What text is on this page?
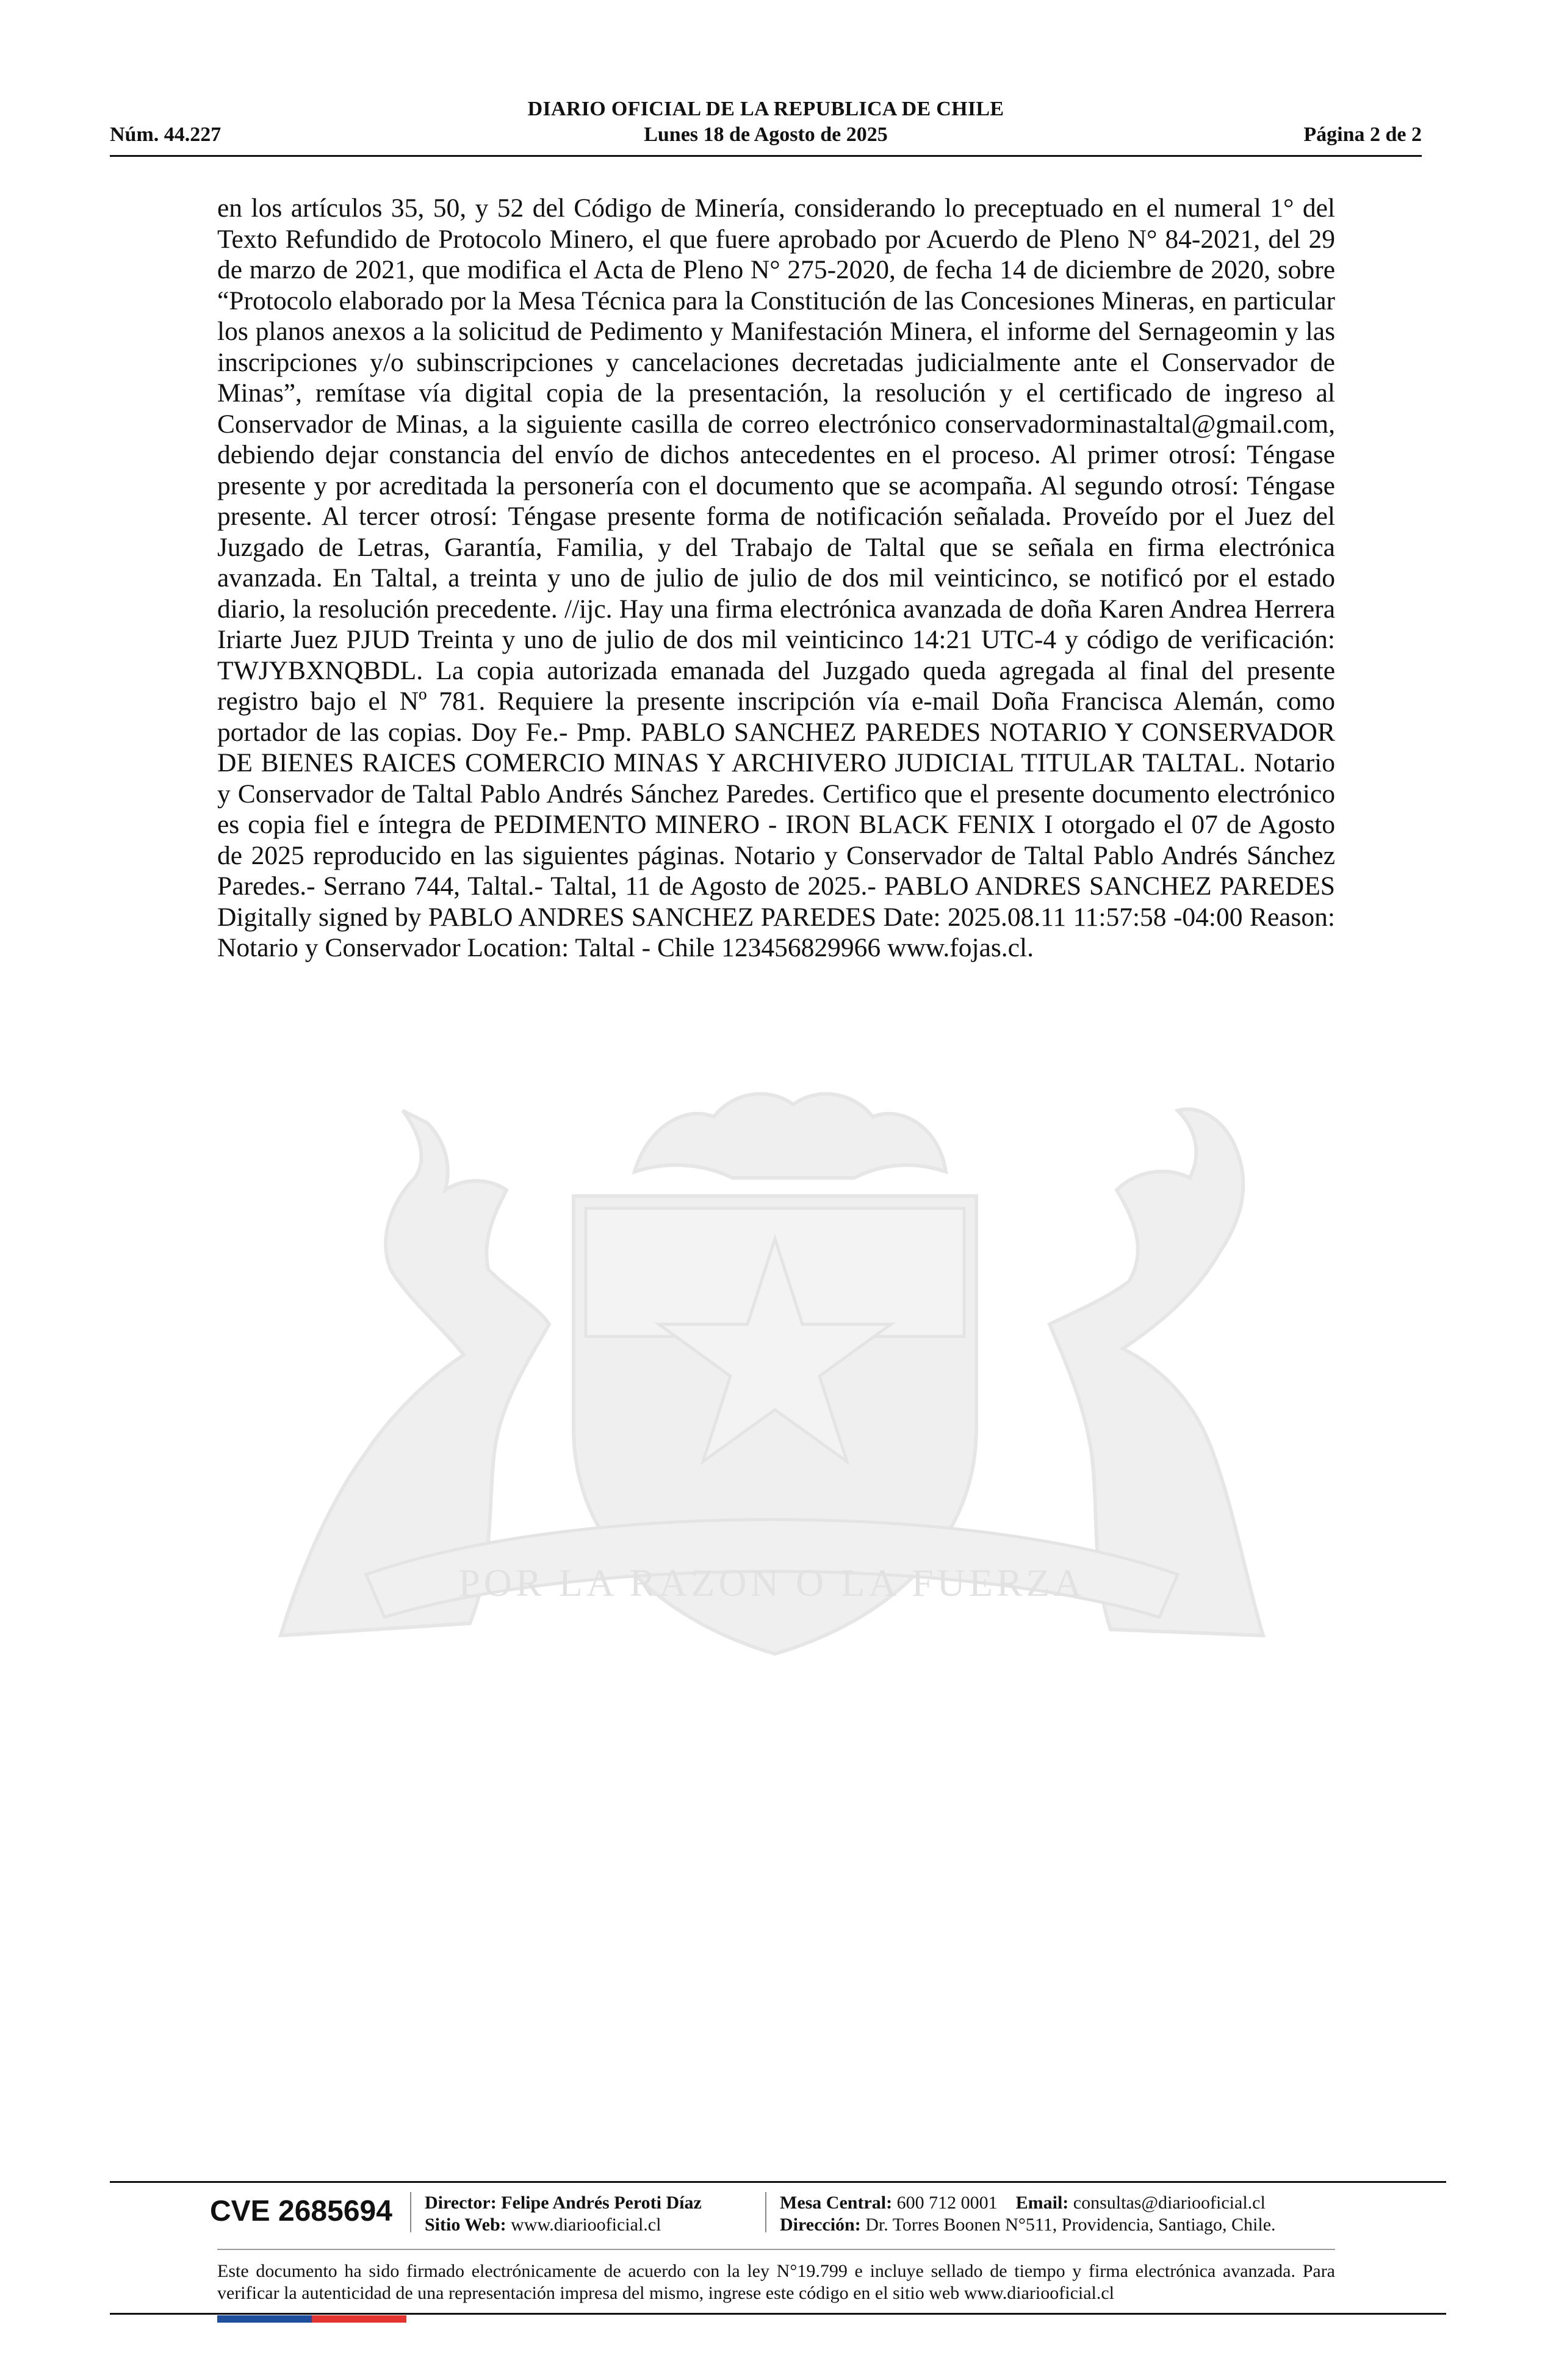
DIARIO OFICIAL DE LA REPUBLICA DE CHILE
Núm. 44.227	Lunes 18 de Agosto de 2025	Página 2 de 2
POR LA RAZON O LA FUERZA
en los artículos 35, 50, y 52 del Código de Minería, considerando lo preceptuado en el numeral 1° del Texto Refundido de Protocolo Minero, el que fuere aprobado por Acuerdo de Pleno N° 84-2021, del 29 de marzo de 2021, que modifica el Acta de Pleno N° 275-2020, de fecha 14 de diciembre de 2020, sobre “Protocolo elaborado por la Mesa Técnica para la Constitución de las Concesiones Mineras, en particular los planos anexos a la solicitud de Pedimento y Manifestación Minera, el informe del Sernageomin y las inscripciones y/o subinscripciones y cancelaciones decretadas judicialmente ante el Conservador de Minas”, remítase vía digital copia de la presentación, la resolución y el certificado de ingreso al Conservador de Minas, a la siguiente casilla de correo electrónico conservadorminastaltal@gmail.com, debiendo dejar constancia del envío de dichos antecedentes en el proceso. Al primer otrosí: Téngase presente y por acreditada la personería con el documento que se acompaña. Al segundo otrosí: Téngase presente. Al tercer otrosí: Téngase presente forma de notificación señalada. Proveído por el Juez del Juzgado de Letras, Garantía, Familia, y del Trabajo de Taltal que se señala en firma electrónica avanzada. En Taltal, a treinta y uno de julio de julio de dos mil veinticinco, se notificó por el estado diario, la resolución precedente. //ijc. Hay una firma electrónica avanzada de doña Karen Andrea Herrera Iriarte Juez PJUD Treinta y uno de julio de dos mil veinticinco 14:21 UTC-4 y código de verificación: TWJYBXNQBDL. La copia autorizada emanada del Juzgado queda agregada al final del presente registro bajo el Nº 781. Requiere la presente inscripción vía e-mail Doña Francisca Alemán, como portador de las copias. Doy Fe.- Pmp. PABLO SANCHEZ PAREDES NOTARIO Y CONSERVADOR DE BIENES RAICES COMERCIO MINAS Y ARCHIVERO JUDICIAL TITULAR TALTAL. Notario y Conservador de Taltal Pablo Andrés Sánchez Paredes. Certifico que el presente documento electrónico es copia fiel e íntegra de PEDIMENTO MINERO - IRON BLACK FENIX I otorgado el 07 de Agosto de 2025 reproducido en las siguientes páginas. Notario y Conservador de Taltal Pablo Andrés Sánchez Paredes.- Serrano 744, Taltal.- Taltal, 11 de Agosto de 2025.- PABLO ANDRES SANCHEZ PAREDES Digitally signed by PABLO ANDRES SANCHEZ PAREDES Date: 2025.08.11 11:57:58 -04:00 Reason: Notario y Conservador Location: Taltal - Chile 123456829966 www.fojas.cl.
CVE 2685694	Director: Felipe Andrés Peroti Díaz
Sitio Web: www.diariooficial.cl
Mesa Central: 600 712 0001 Email: consultas@diariooficial.cl
Dirección: Dr. Torres Boonen N°511, Providencia, Santiago, Chile.
Este documento ha sido firmado electrónicamente de acuerdo con la ley N°19.799 e incluye sellado de tiempo y firma electrónica avanzada. Para verificar la autenticidad de una representación impresa del mismo, ingrese este código en el sitio web www.diariooficial.cl
